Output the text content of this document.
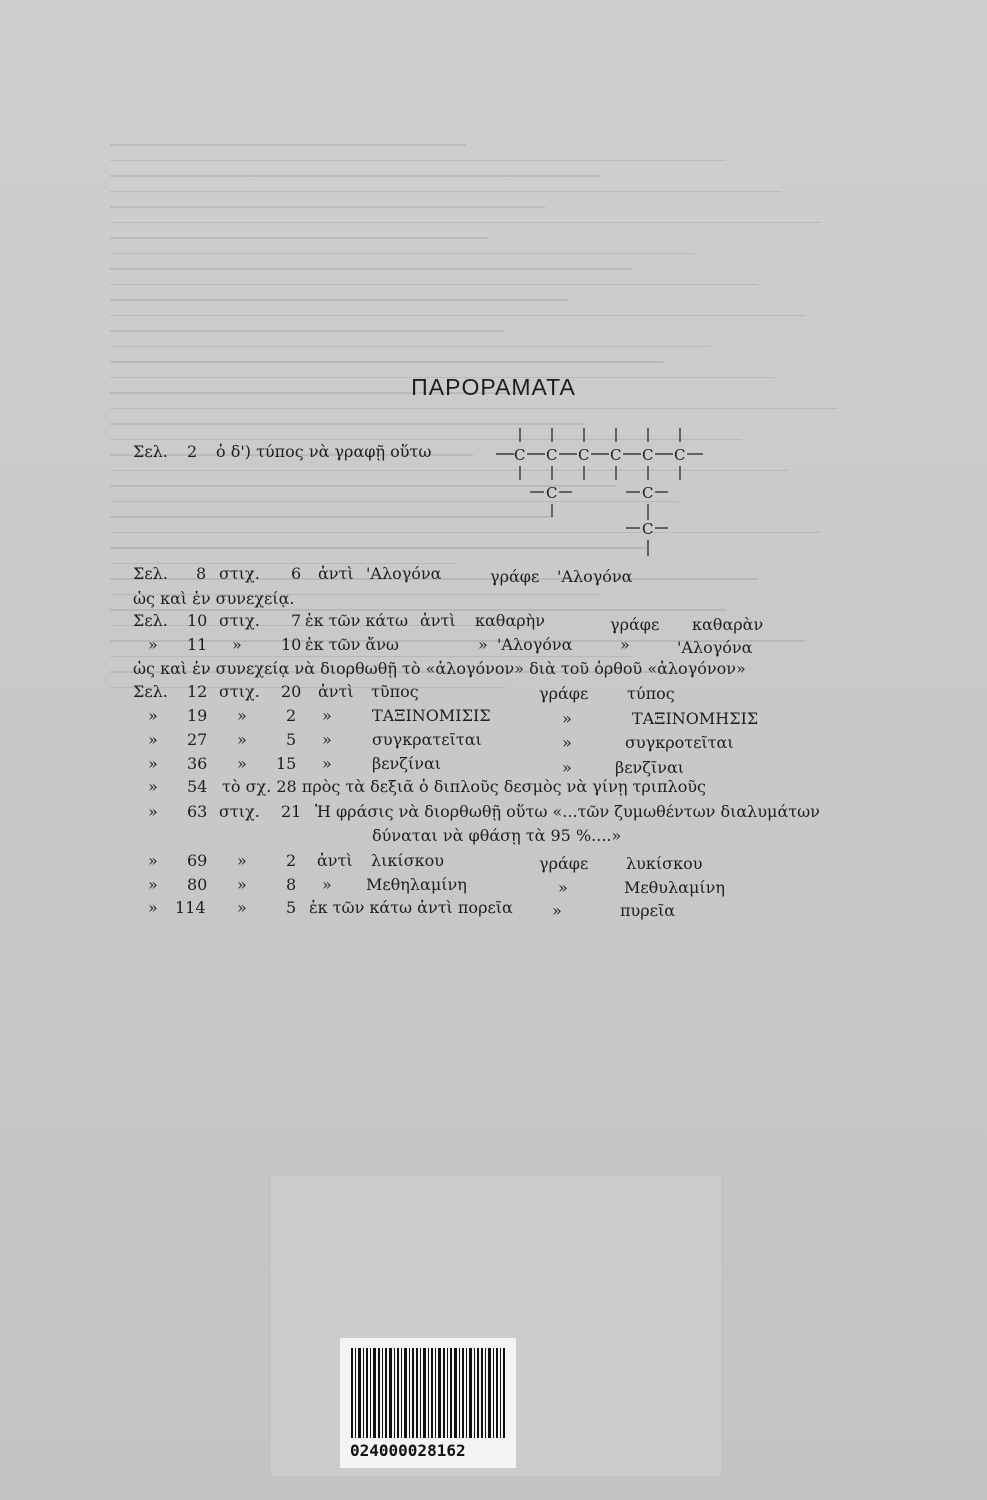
ΠΑΡΟΡΑΜΑΤΑ
Σελ. 2 ὁ δ') τύπος νὰ γραφῇ οὕτω	C C C C C C
C	C
C
Σελ. 8 στιχ. 6 ἀντὶ 'Αλογόνα	γράφε 'Αλογόνα
ὡς καὶ ἐν συνεχείᾳ.
Σελ. 10 στιχ. 7 ἐκ τῶν κάτω ἀντὶ καθαρὴν	γράφε καθαρὰν
» 11 » 10 ἐκ τῶν ἄνω	» 'Αλογόνα	»	'Αλογόνα
ὡς καὶ ἐν συνεχείᾳ νὰ διορθωθῇ τὸ «ἀλογόνον» διὰ τοῦ ὀρθοῦ «ἁλογόνον»
Σελ. 12 στιχ. 20 ἀντὶ τῦπος	γράφε τύπος
» 19 » 2 »	ΤΑΞΙΝΟΜΙΣΙΣ	»	ΤΑΞΙΝΟΜΗΣΙΣ
» 27 » 5 »	συγκρατεῖται	»	συγκροτεῖται
» 36 » 15 »	βενζίναι	»	βενζῖναι
» 54 τὸ σχ. 28 πρὸς τὰ δεξιᾶ ὁ διπλοῦς δεσμὸς νὰ γίνῃ τριπλοῦς
» 63 στιχ. 21 Ἡ φράσις νὰ διορθωθῇ οὕτω «...τῶν ζυμωθέντων διαλυμάτων
δύναται νὰ φθάσῃ τὰ 95 %....»
» 69 » 2 ἀντὶ λικίσκου	γράφε λυκίσκου
» 80 » 8 » Μεθηλαμίνη	»	Μεθυλαμίνη
» 114 » 5 ἐκ τῶν κάτω ἀντὶ πορεῖα »	πυρεῖα
024000028162
